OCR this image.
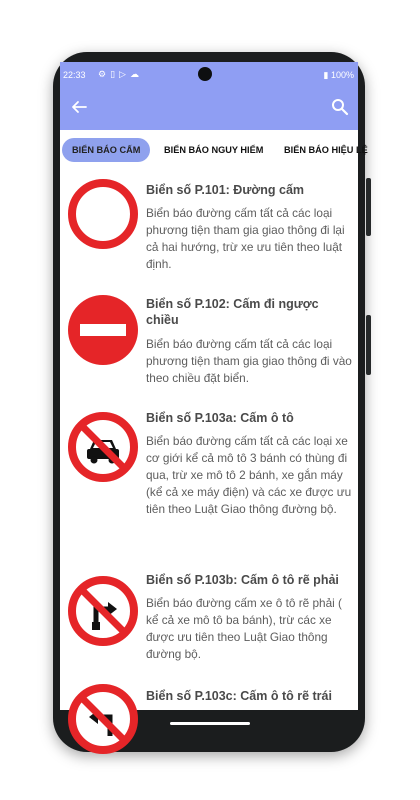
22:33 ⚙▯▷☁	▮ 100%
BIỂN BÁO CẤM	BIỂN BÁO NGUY HIỂM	BIỂN BÁO HIỆU LỆ
Biển số P.101: Đường cấm
Biển báo đường cấm tất cả các loại phương tiện tham gia giao thông đi lại cả hai hướng, trừ xe ưu tiên theo luật định.
Biển số P.102: Cấm đi ngược chiều
Biển báo đường cấm tất cả các loại phương tiện tham gia giao thông đi vào theo chiều đặt biển.
Biển số P.103a: Cấm ô tô
Biển báo đường cấm tất cả các loại xe cơ giới kể cả mô tô 3 bánh có thùng đi qua, trừ xe mô tô 2 bánh, xe gắn máy (kể cả xe máy điện) và các xe được ưu tiên theo Luật Giao thông đường bộ.
Biển số P.103b: Cấm ô tô rẽ phải
Biển báo đường cấm xe ô tô rẽ phải ( kể cả xe mô tô ba bánh), trừ các xe được ưu tiên theo Luật Giao thông đường bộ.
Biển số P.103c: Cấm ô tô rẽ trái
